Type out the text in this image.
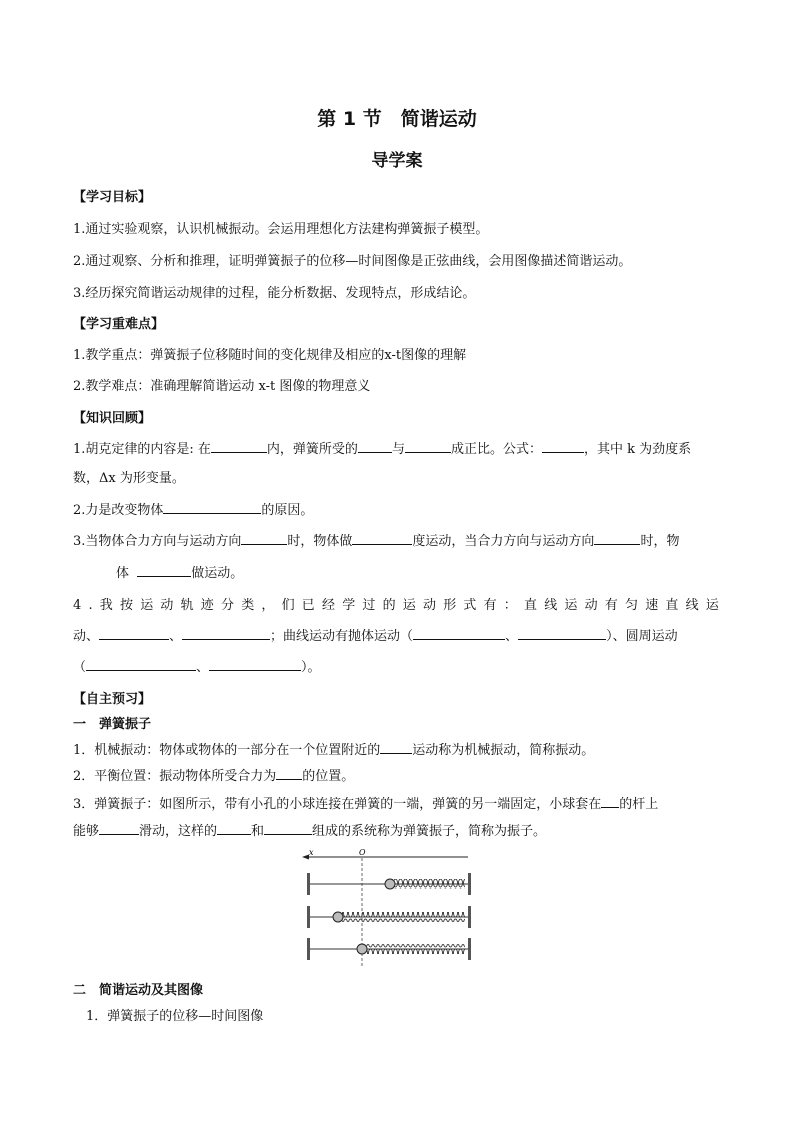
第 1 节　简谐运动
导学案
【学习目标】
1.通过实验观察，认识机械振动。会运用理想化方法建构弹簧振子模型。
2.通过观察、分析和推理，证明弹簧振子的位移—时间图像是正弦曲线，会用图像描述简谐运动。
3.经历探究简谐运动规律的过程，能分析数据、发现特点，形成结论。
【学习重难点】
1.教学重点：弹簧振子位移随时间的变化规律及相应的x-t图像的理解
2.教学难点：准确理解简谐运动 x-t 图像的物理意义
【知识回顾】
1.胡克定律的内容是: 在	内，弹簧所受的	与	成正比。公式：	，其中 k 为劲度系
数，Δx 为形变量。
2.力是改变物体	的原因。
3.当物体合力方向与运动方向	时，物体做	度运动，当合力方向与运动方向	时，物
体	做运动。
4.我按运动轨迹分类，们已经学过的运动形式有：直线运动有匀速直线运
动、	、	；曲线运动有抛体运动（	、	）、圆周运动
（	、	）。
【自主预习】
一　弹簧振子
1．机械振动：物体或物体的一部分在一个位置附近的 运动称为机械振动，简称振动。
2．平衡位置：振动物体所受合力为 的位置。
3．弹簧振子：如图所示，带有小孔的小球连接在弹簧的一端，弹簧的另一端固定，小球套在 的杆上
能够	滑动，这样的	和	组成的系统称为弹簧振子，简称为振子。
x	O
二　简谐运动及其图像
1．弹簧振子的位移—时间图像
